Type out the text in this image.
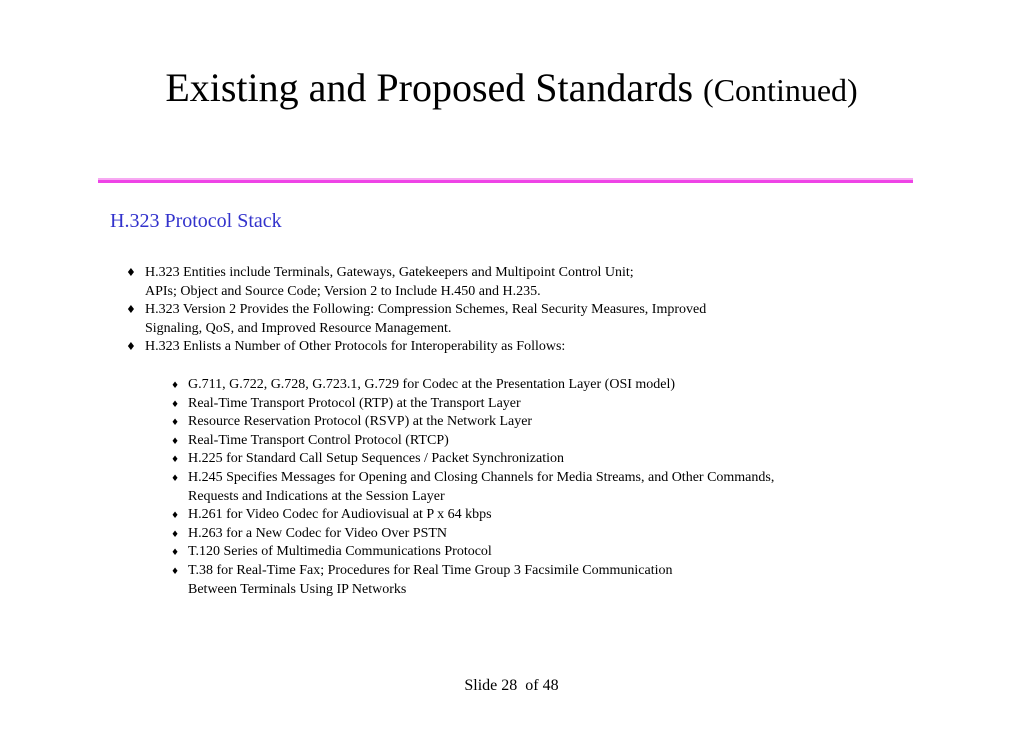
Existing and Proposed Standards (Continued)
H.323 Protocol Stack
♦ H.323 Entities include Terminals, Gateways, Gatekeepers and Multipoint Control Unit;
APIs; Object and Source Code; Version 2 to Include H.450 and H.235.
♦ H.323 Version 2 Provides the Following: Compression Schemes, Real Security Measures, Improved
Signaling, QoS, and Improved Resource Management.
♦ H.323 Enlists a Number of Other Protocols for Interoperability as Follows:
♦ G.711, G.722, G.728, G.723.1, G.729 for Codec at the Presentation Layer (OSI model)
♦ Real-Time Transport Protocol (RTP) at the Transport Layer
♦ Resource Reservation Protocol (RSVP) at the Network Layer
♦ Real-Time Transport Control Protocol (RTCP)
♦ H.225 for Standard Call Setup Sequences / Packet Synchronization
♦ H.245 Specifies Messages for Opening and Closing Channels for Media Streams, and Other Commands,
Requests and Indications at the Session Layer
♦ H.261 for Video Codec for Audiovisual at P x 64 kbps
♦ H.263 for a New Codec for Video Over PSTN
♦ T.120 Series of Multimedia Communications Protocol
♦ T.38 for Real-Time Fax; Procedures for Real Time Group 3 Facsimile Communication
Between Terminals Using IP Networks
Slide 28  of 48
